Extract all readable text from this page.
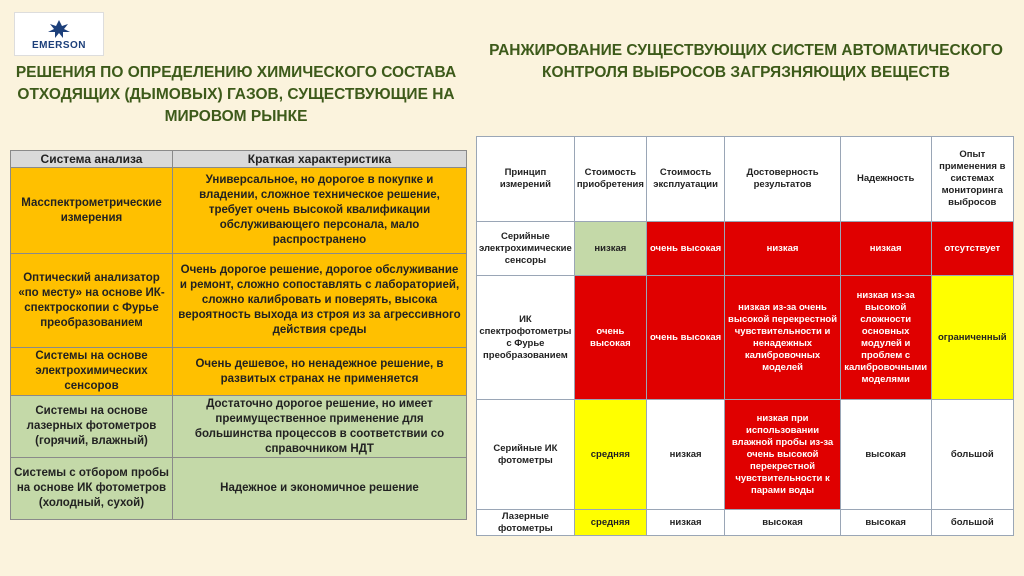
EMERSON
РЕШЕНИЯ ПО ОПРЕДЕЛЕНИЮ ХИМИЧЕСКОГО СОСТАВА ОТХОДЯЩИХ (ДЫМОВЫХ) ГАЗОВ, СУЩЕСТВУЮЩИЕ НА МИРОВОМ РЫНКЕ
РАНЖИРОВАНИЕ СУЩЕСТВУЮЩИХ СИСТЕМ АВТОМАТИЧЕСКОГО КОНТРОЛЯ ВЫБРОСОВ ЗАГРЯЗНЯЮЩИХ ВЕЩЕСТВ
Система анализа	Краткая характеристика
Масспектрометрические измерения	Универсальное, но дорогое в покупке и владении, сложное техническое решение, требует очень высокой квалификации обслуживающего персонала, мало распространено
Оптический анализатор «по месту» на основе ИК-спектроскопии с Фурье преобразованием	Очень дорогое решение, дорогое обслуживание и ремонт, сложно сопоставлять с лабораторией, сложно калибровать и поверять, высока вероятность выхода из строя из за агрессивного действия среды
Системы на основе электрохимических сенсоров	Очень дешевое, но ненадежное решение, в развитых странах не применяется
Системы на основе лазерных фотометров (горячий, влажный)	Достаточно дорогое решение, но имеет преимущественное применение для большинства процессов в соответствии со справочником НДТ
Системы с отбором пробы на основе ИК фотометров (холодный, сухой)	Надежное и экономичное решение
Принцип измерений	Стоимость приобретения	Стоимость эксплуатации	Достоверность результатов	Надежность	Опыт применения в системах мониторинга выбросов
Серийные электрохимические сенсоры	низкая	очень высокая	низкая	низкая	отсутствует
ИК спектрофотометры с Фурье преобразованием	очень высокая	очень высокая	низкая из-за очень высокой перекрестной чувствительности и ненадежных калибровочных моделей	низкая из-за высокой сложности основных модулей и проблем с калибровочными моделями	ограниченный
Серийные ИК фотометры	средняя	низкая	низкая при использовании влажной пробы из-за очень высокой перекрестной чувствительности к парами воды	высокая	большой
Лазерные фотометры	средняя	низкая	высокая	высокая	большой
